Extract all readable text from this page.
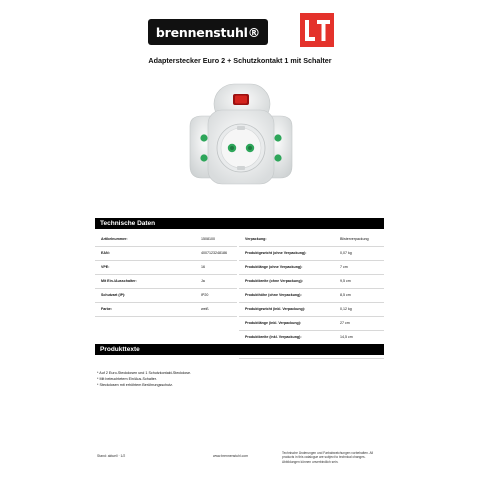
brennenstuhl®
Adapterstecker Euro 2 + Schutzkontakt 1 mit Schalter
Technische Daten
Artikelnummer:	1508100
EAN:	4007123248186
VPE:	16
Mit Ein-/Ausschalter:	Ja
Schutzart (IP):	IP20
Farbe:	weiß
Verpackung:	Blisterverpackung
Produktgewicht (ohne Verpackung):	0,07 kg
Produktlänge (ohne Verpackung):	7 cm
Produktbreite (ohne Verpackung):	9,5 cm
Produkthöhe (ohne Verpackung):	8,5 cm
Produktgewicht (inkl. Verpackung):	0,12 kg
Produktlänge (inkl. Verpackung):	27 cm
Produktbreite (inkl. Verpackung):	14,5 cm
Produkttexte
* Auf 2 Euro-Steckdosen und 1 Schutzkontakt-Steckdose.
* Mit beleuchtetem Ein/Aus-Schalter.
* Steckdosen mit erhöhtem Berührungsschutz.
Stand: aktuell · 1/2	www.brennenstuhl.com
Technische Änderungen und Farbabweichungen vorbehalten. All
products in this catalogue are subject to technical changes.
Abbildungen können unverbindlich sein.
